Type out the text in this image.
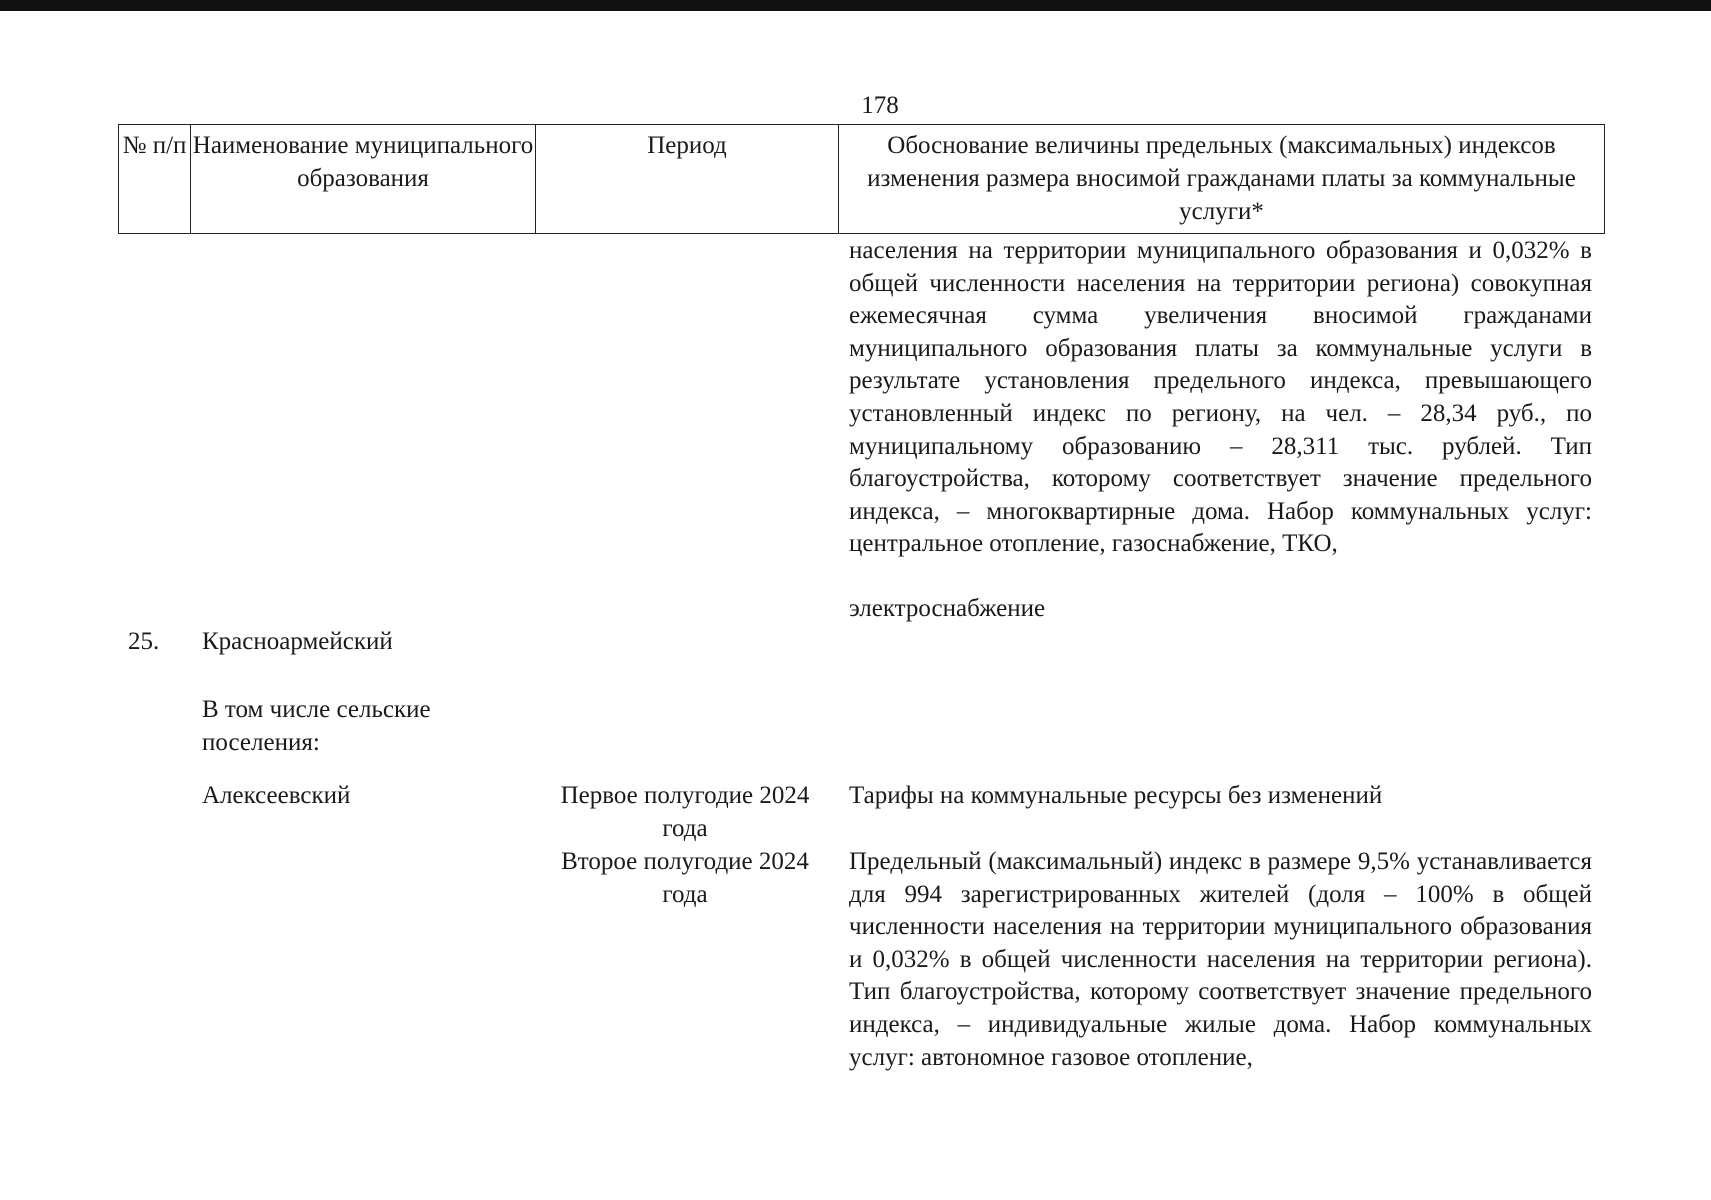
178
№ п/п Наименование муниципального образования
Период	Обоснование величины предельных (максимальных) индексов изменения размера вносимой гражданами платы за коммунальные услуги*
населения на территории муниципального образования и 0,032% в общей численности населения на территории региона) совокупная ежемесячная сумма увеличения вносимой гражданами муниципального образования платы за коммунальные услуги в результате установления предельного индекса, превышающего установленный индекс по региону, на чел. – 28,34 руб., по муниципальному образованию – 28,311 тыс. рублей. Тип благоустройства, которому соответствует значение предельного индекса, – многоквартирные дома. Набор коммунальных услуг: центральное отопление, газоснабжение, ТКО,
электроснабжение
25. Красноармейский
В том числе сельские поселения:
Алексеевский	Первое полугодие 2024 года
Тарифы на коммунальные ресурсы без изменений
Второе полугодие 2024 года
Предельный (максимальный) индекс в размере 9,5% устанавливается для 994 зарегистрированных жителей (доля – 100% в общей численности населения на территории муниципального образования и 0,032% в общей численности населения на территории региона). Тип благоустройства, которому соответствует значение предельного индекса, – индивидуальные жилые дома. Набор коммунальных услуг: автономное газовое отопление,
